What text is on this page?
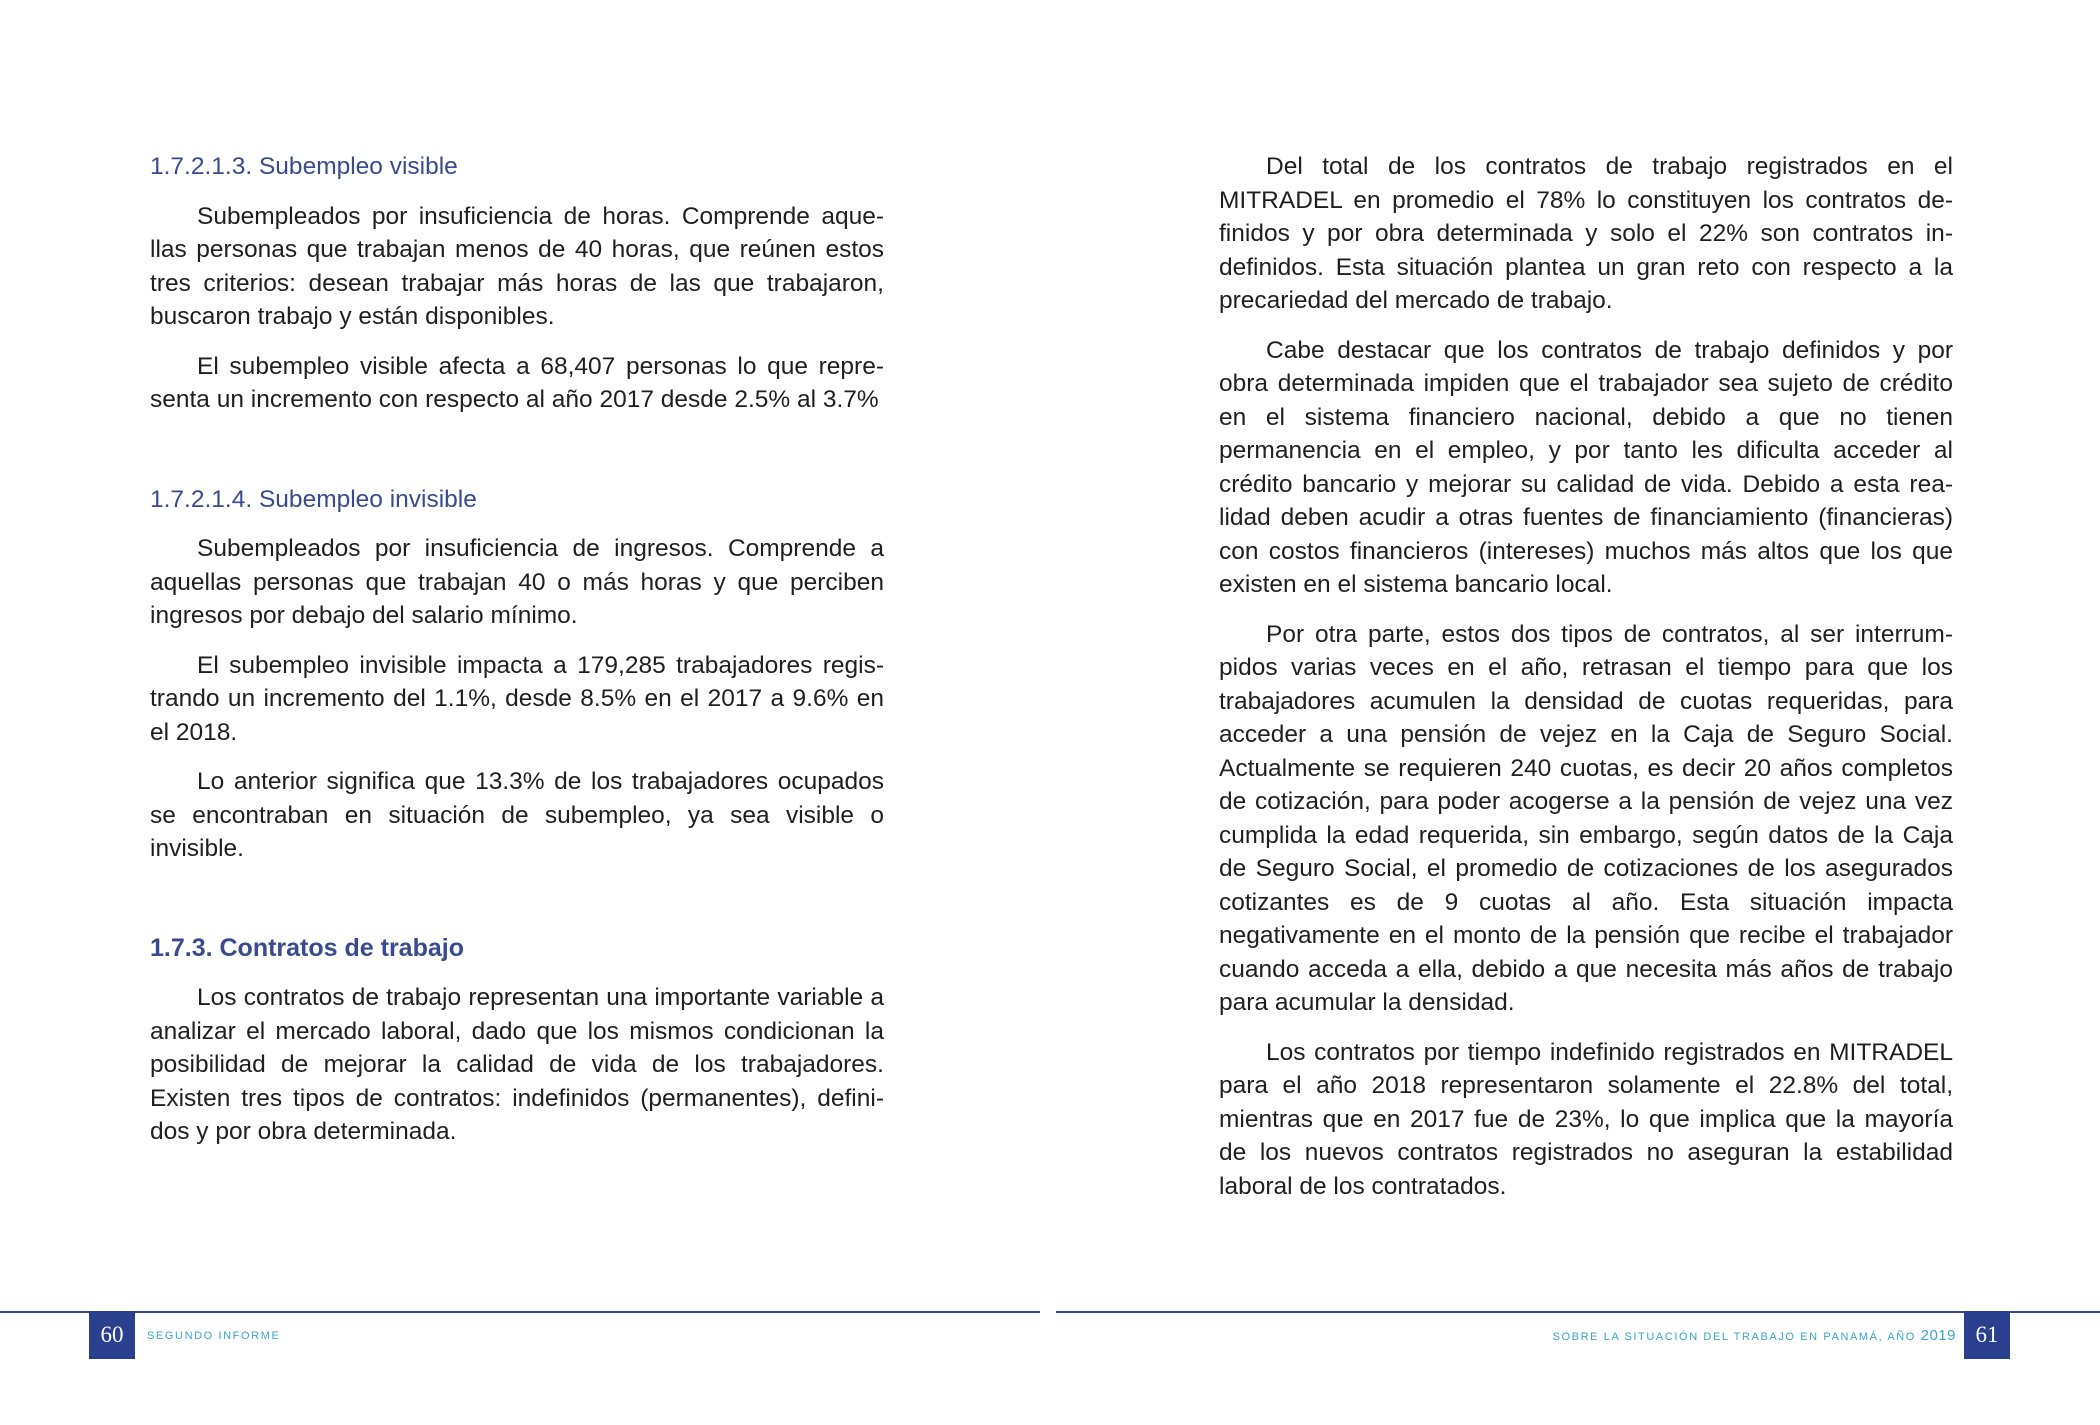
1.7.2.1.3. Subempleo visible

Subempleados por insuficiencia de horas. Comprende aquellas personas que trabajan menos de 40 horas, que reúnen estos tres criterios: desean trabajar más horas de las que trabajaron, buscaron trabajo y están disponibles.

El subempleo visible afecta a 68,407 personas lo que representa un incremento con respecto al año 2017 desde 2.5% al 3.7%

1.7.2.1.4. Subempleo invisible

Subempleados por insuficiencia de ingresos. Comprende a aquellas personas que trabajan 40 o más horas y que perciben ingresos por debajo del salario mínimo.

El subempleo invisible impacta a 179,285 trabajadores registrando un incremento del 1.1%, desde 8.5% en el 2017 a 9.6% en el 2018.

Lo anterior significa que 13.3% de los trabajadores ocupados se encontraban en situación de subempleo, ya sea visible o invisible.

1.7.3. Contratos de trabajo

Los contratos de trabajo representan una importante variable a analizar el mercado laboral, dado que los mismos condicionan la posibilidad de mejorar la calidad de vida de los trabajadores. Existen tres tipos de contratos: indefinidos (permanentes), definidos y por obra determinada.

Del total de los contratos de trabajo registrados en el MITRADEL en promedio el 78% lo constituyen los contratos definidos y por obra determinada y solo el 22% son contratos indefinidos. Esta situación plantea un gran reto con respecto a la precariedad del mercado de trabajo.

Cabe destacar que los contratos de trabajo definidos y por obra determinada impiden que el trabajador sea sujeto de crédito en el sistema financiero nacional, debido a que no tienen permanencia en el empleo, y por tanto les dificulta acceder al crédito bancario y mejorar su calidad de vida. Debido a esta realidad deben acudir a otras fuentes de financiamiento (financieras) con costos financieros (intereses) muchos más altos que los que existen en el sistema bancario local.

Por otra parte, estos dos tipos de contratos, al ser interrumpidos varias veces en el año, retrasan el tiempo para que los trabajadores acumulen la densidad de cuotas requeridas, para acceder a una pensión de vejez en la Caja de Seguro Social. Actualmente se requieren 240 cuotas, es decir 20 años completos de cotización, para poder acogerse a la pensión de vejez una vez cumplida la edad requerida, sin embargo, según datos de la Caja de Seguro Social, el promedio de cotizaciones de los asegurados cotizantes es de 9 cuotas al año. Esta situación impacta negativamente en el monto de la pensión que recibe el trabajador cuando acceda a ella, debido a que necesita más años de trabajo para acumular la densidad.

Los contratos por tiempo indefinido registrados en MITRADEL para el año 2018 representaron solamente el 22.8% del total, mientras que en 2017 fue de 23%, lo que implica que la mayoría de los nuevos contratos registrados no aseguran la estabilidad laboral de los contratados.

60	SEGUNDO INFORME	SOBRE LA SITUACIÓN DEL TRABAJO EN PANAMÁ, AÑO 2019 61
